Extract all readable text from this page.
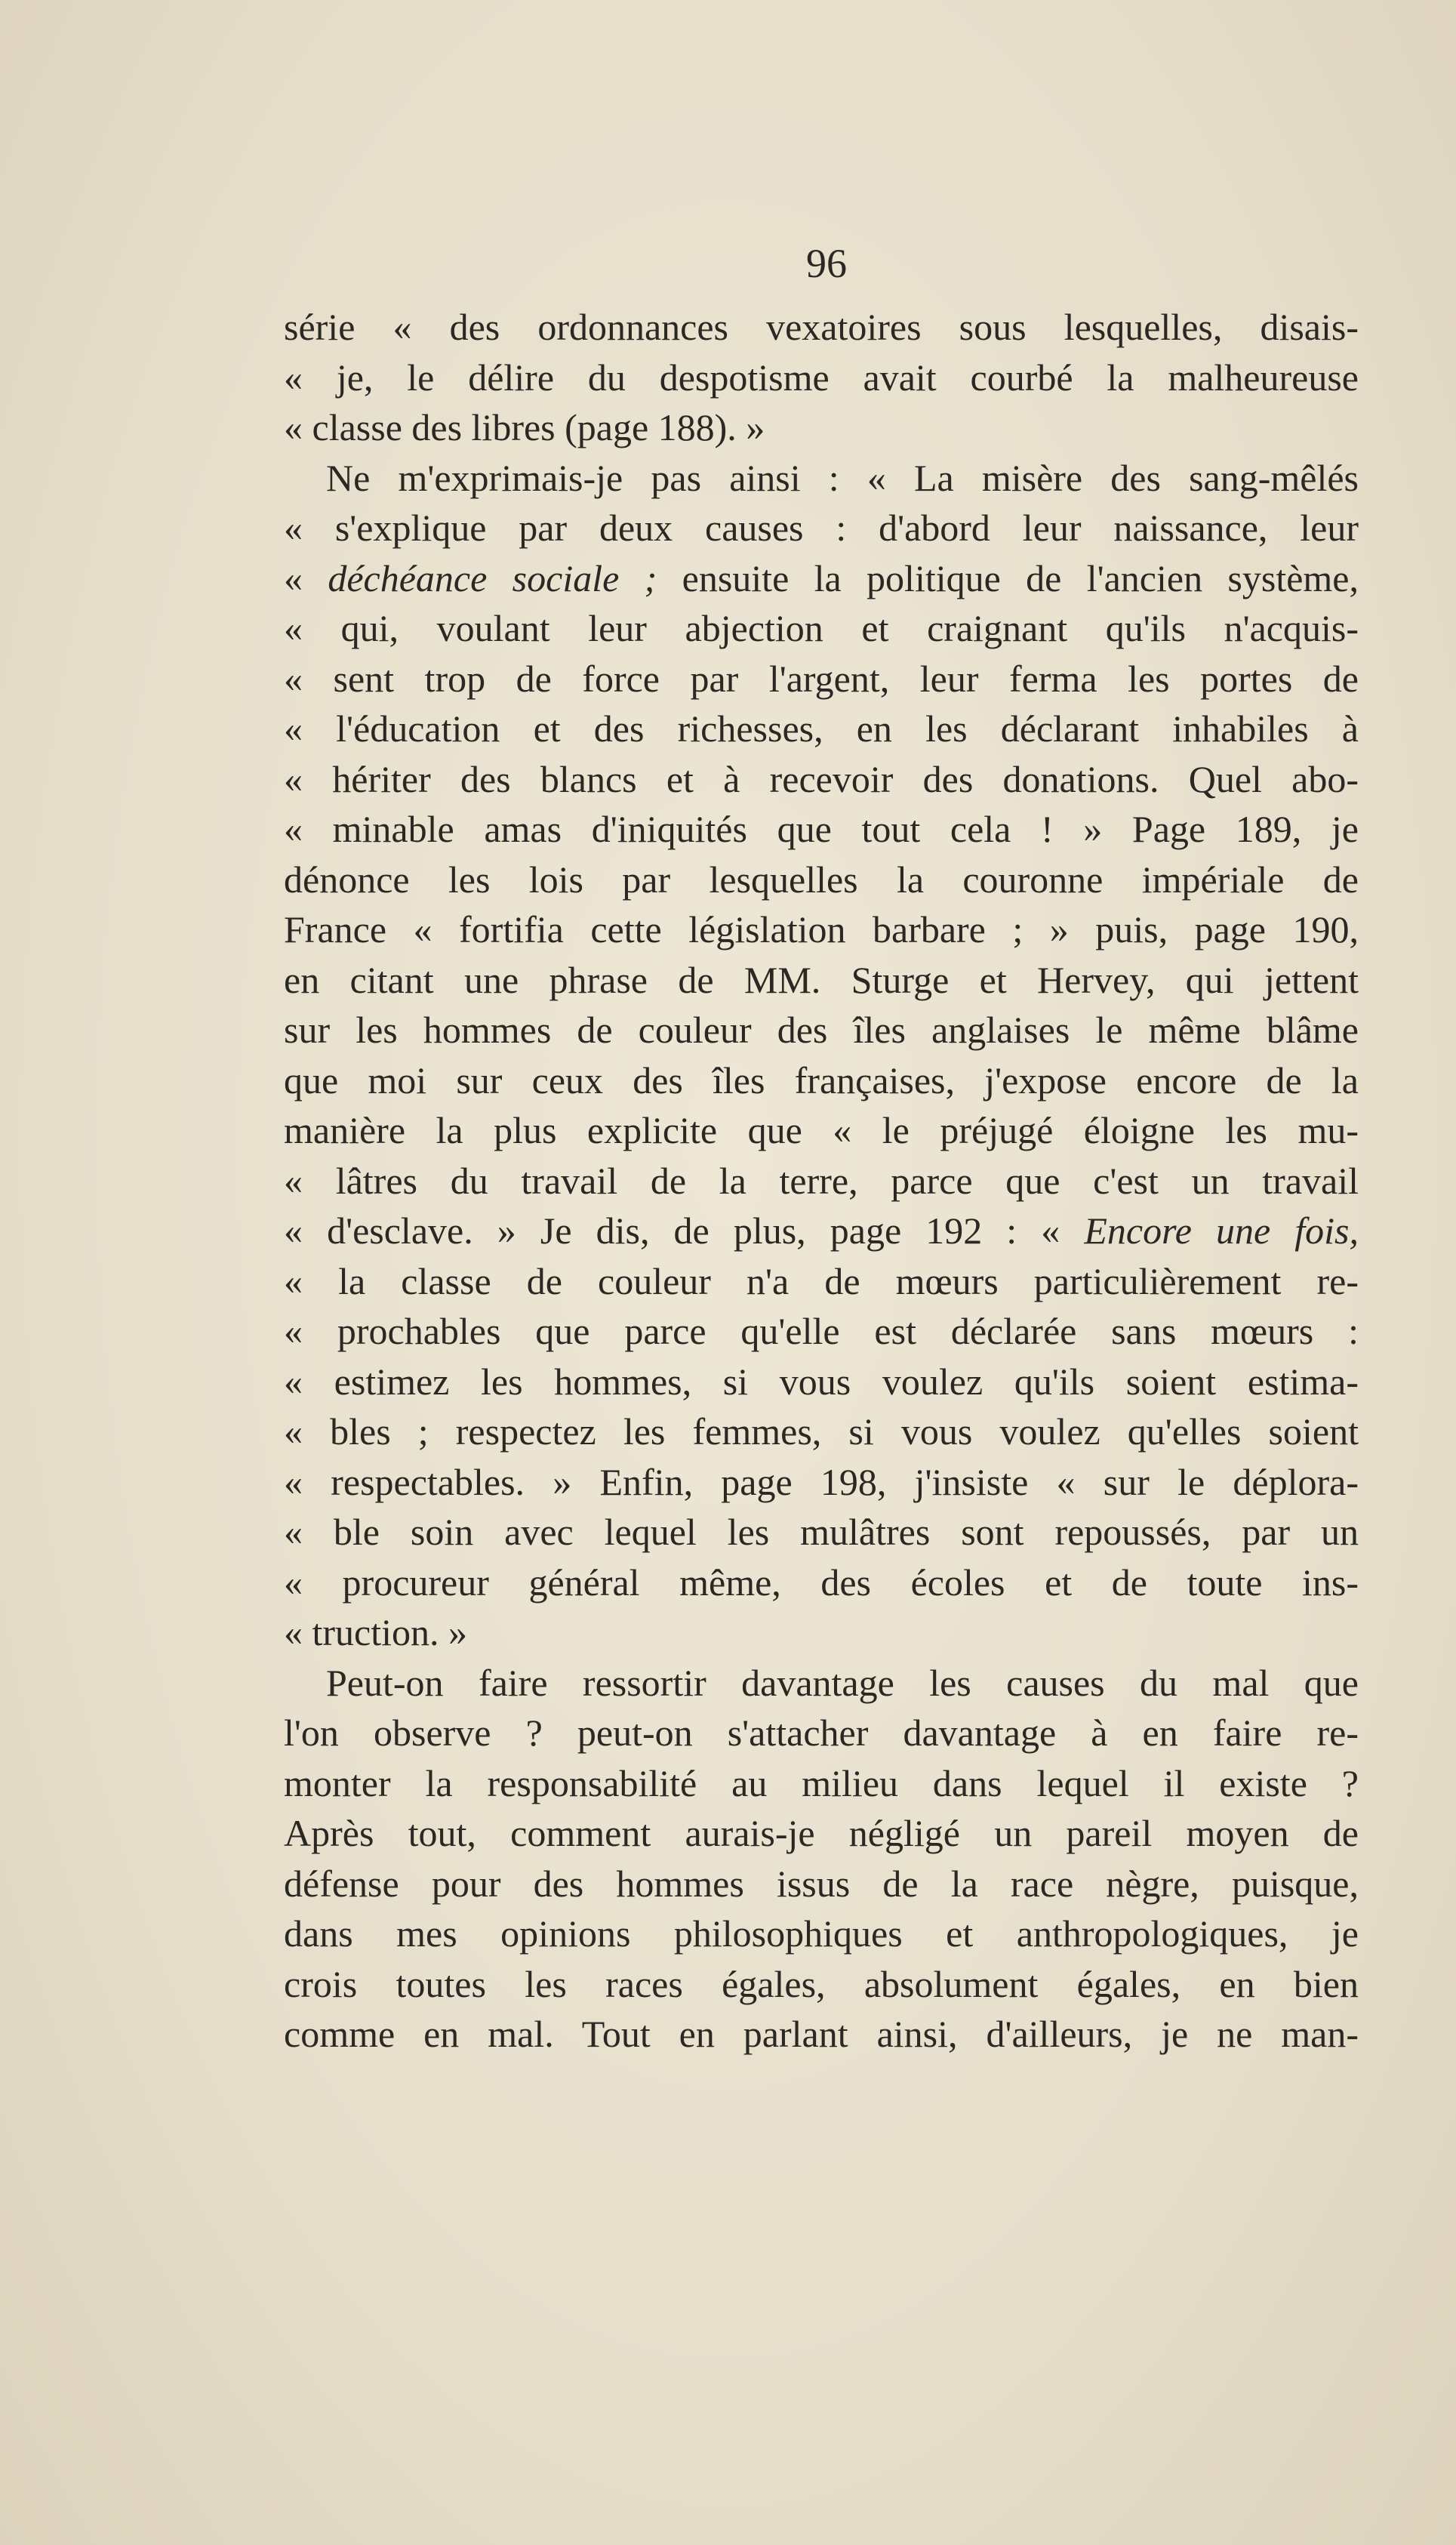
96
série « des ordonnances vexatoires sous lesquelles, disais-
« je, le délire du despotisme avait courbé la malheureuse
« classe des libres (page 188). »
Ne m'exprimais-je pas ainsi : « La misère des sang-mêlés
« s'explique par deux causes : d'abord leur naissance, leur
« déchéance sociale ; ensuite la politique de l'ancien système,
« qui, voulant leur abjection et craignant qu'ils n'acquis-
« sent trop de force par l'argent, leur ferma les portes de
« l'éducation et des richesses, en les déclarant inhabiles à
« hériter des blancs et à recevoir des donations. Quel abo-
« minable amas d'iniquités que tout cela ! » Page 189, je
dénonce les lois par lesquelles la couronne impériale de
France « fortifia cette législation barbare ; » puis, page 190,
en citant une phrase de MM. Sturge et Hervey, qui jettent
sur les hommes de couleur des îles anglaises le même blâme
que moi sur ceux des îles françaises, j'expose encore de la
manière la plus explicite que « le préjugé éloigne les mu-
« lâtres du travail de la terre, parce que c'est un travail
« d'esclave. » Je dis, de plus, page 192 : « Encore une fois,
« la classe de couleur n'a de mœurs particulièrement re-
« prochables que parce qu'elle est déclarée sans mœurs :
« estimez les hommes, si vous voulez qu'ils soient estima-
« bles ; respectez les femmes, si vous voulez qu'elles soient
« respectables. » Enfin, page 198, j'insiste « sur le déplora-
« ble soin avec lequel les mulâtres sont repoussés, par un
« procureur général même, des écoles et de toute ins-
« truction. »
Peut-on faire ressortir davantage les causes du mal que
l'on observe ? peut-on s'attacher davantage à en faire re-
monter la responsabilité au milieu dans lequel il existe ?
Après tout, comment aurais-je négligé un pareil moyen de
défense pour des hommes issus de la race nègre, puisque,
dans mes opinions philosophiques et anthropologiques, je
crois toutes les races égales, absolument égales, en bien
comme en mal. Tout en parlant ainsi, d'ailleurs, je ne man-
